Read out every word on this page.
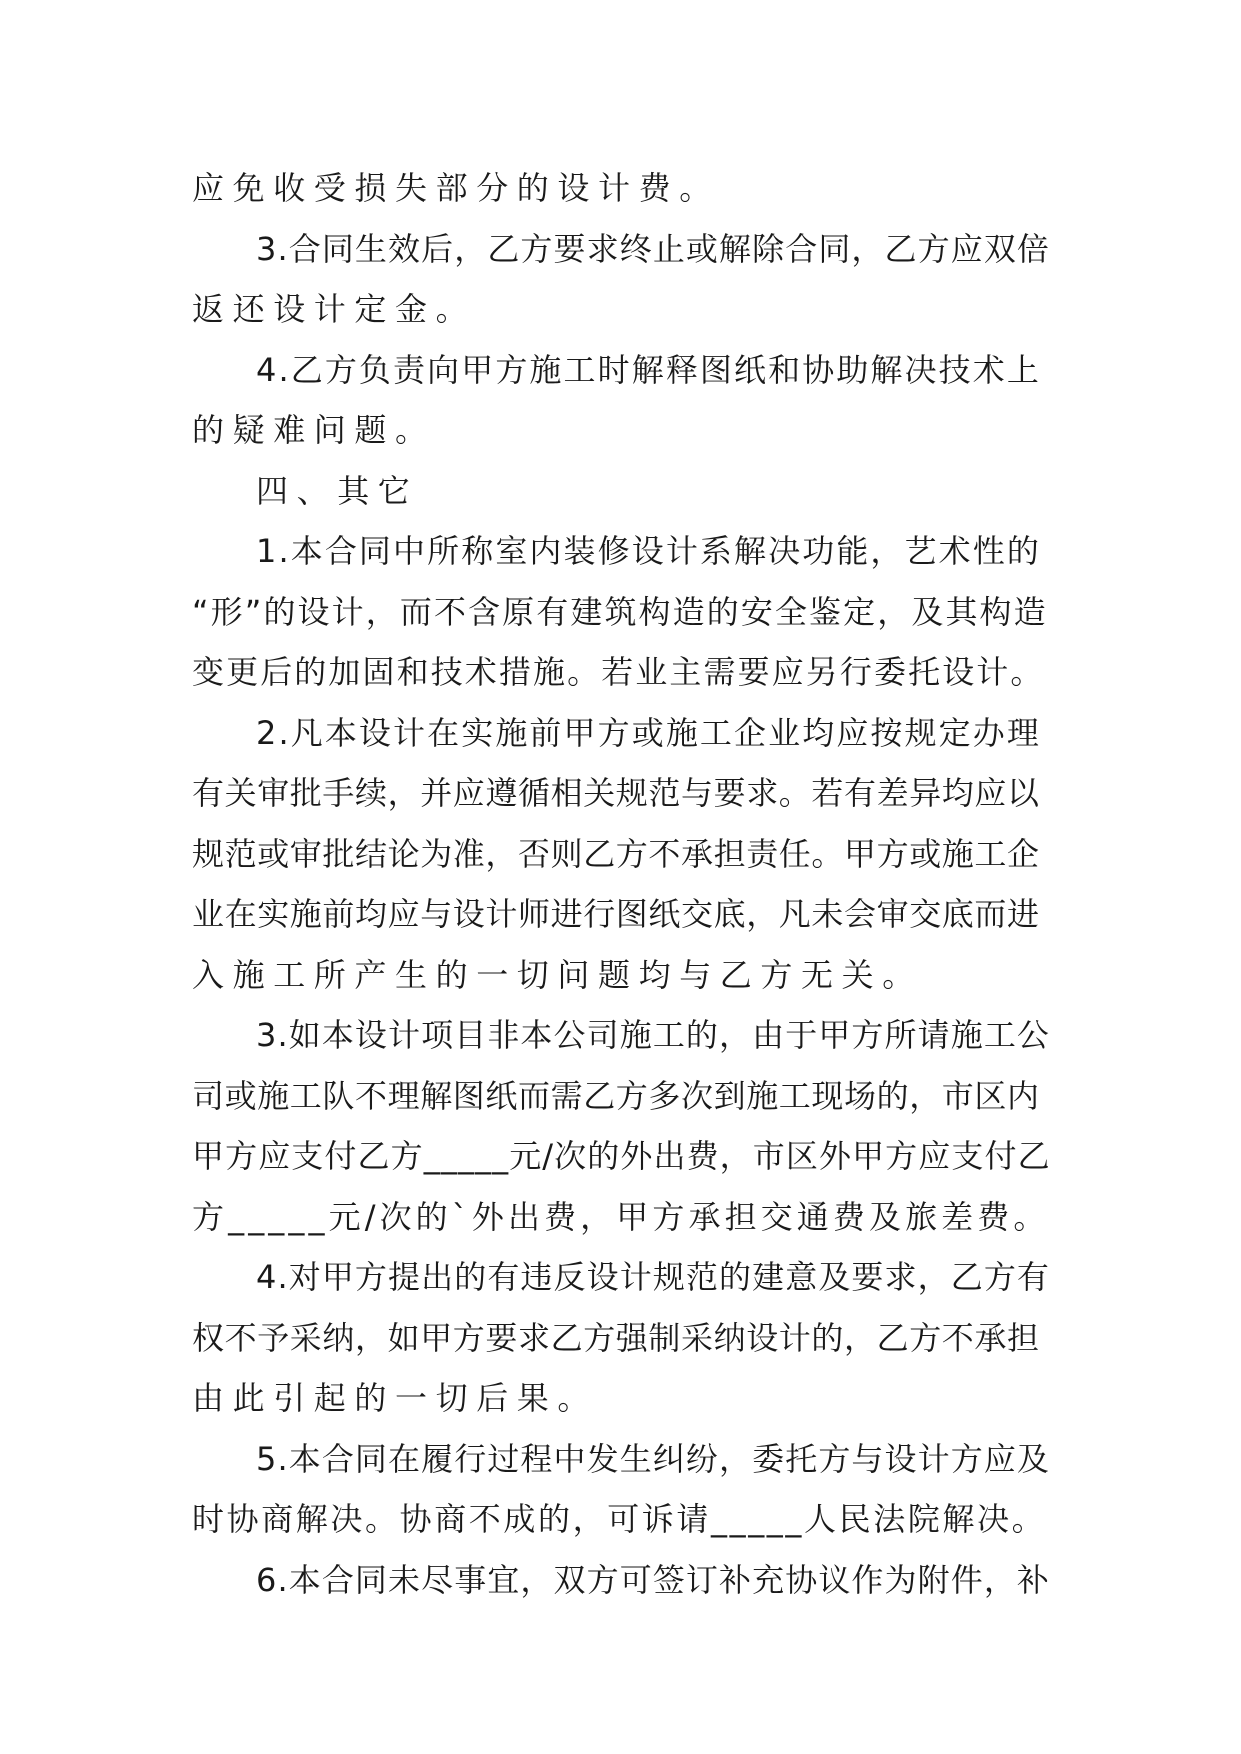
应免收受损失部分的设计费。
3.合同生效后，乙方要求终止或解除合同，乙方应双倍
返还设计定金。
4.乙方负责向甲方施工时解释图纸和协助解决技术上
的疑难问题。
四、其它
1.本合同中所称室内装修设计系解决功能，艺术性的
“形”的设计，而不含原有建筑构造的安全鉴定，及其构造
变更后的加固和技术措施。若业主需要应另行委托设计。
2.凡本设计在实施前甲方或施工企业均应按规定办理
有关审批手续，并应遵循相关规范与要求。若有差异均应以
规范或审批结论为准，否则乙方不承担责任。甲方或施工企
业在实施前均应与设计师进行图纸交底，凡未会审交底而进
入施工所产生的一切问题均与乙方无关。
3.如本设计项目非本公司施工的，由于甲方所请施工公
司或施工队不理解图纸而需乙方多次到施工现场的，市区内
甲方应支付乙方_____元/次的外出费，市区外甲方应支付乙
方_____元/次的`外出费，甲方承担交通费及旅差费。
4.对甲方提出的有违反设计规范的建意及要求，乙方有
权不予采纳，如甲方要求乙方强制采纳设计的，乙方不承担
由此引起的一切后果。
5.本合同在履行过程中发生纠纷，委托方与设计方应及
时协商解决。协商不成的，可诉请_____人民法院解决。
6.本合同未尽事宜，双方可签订补充协议作为附件，补
